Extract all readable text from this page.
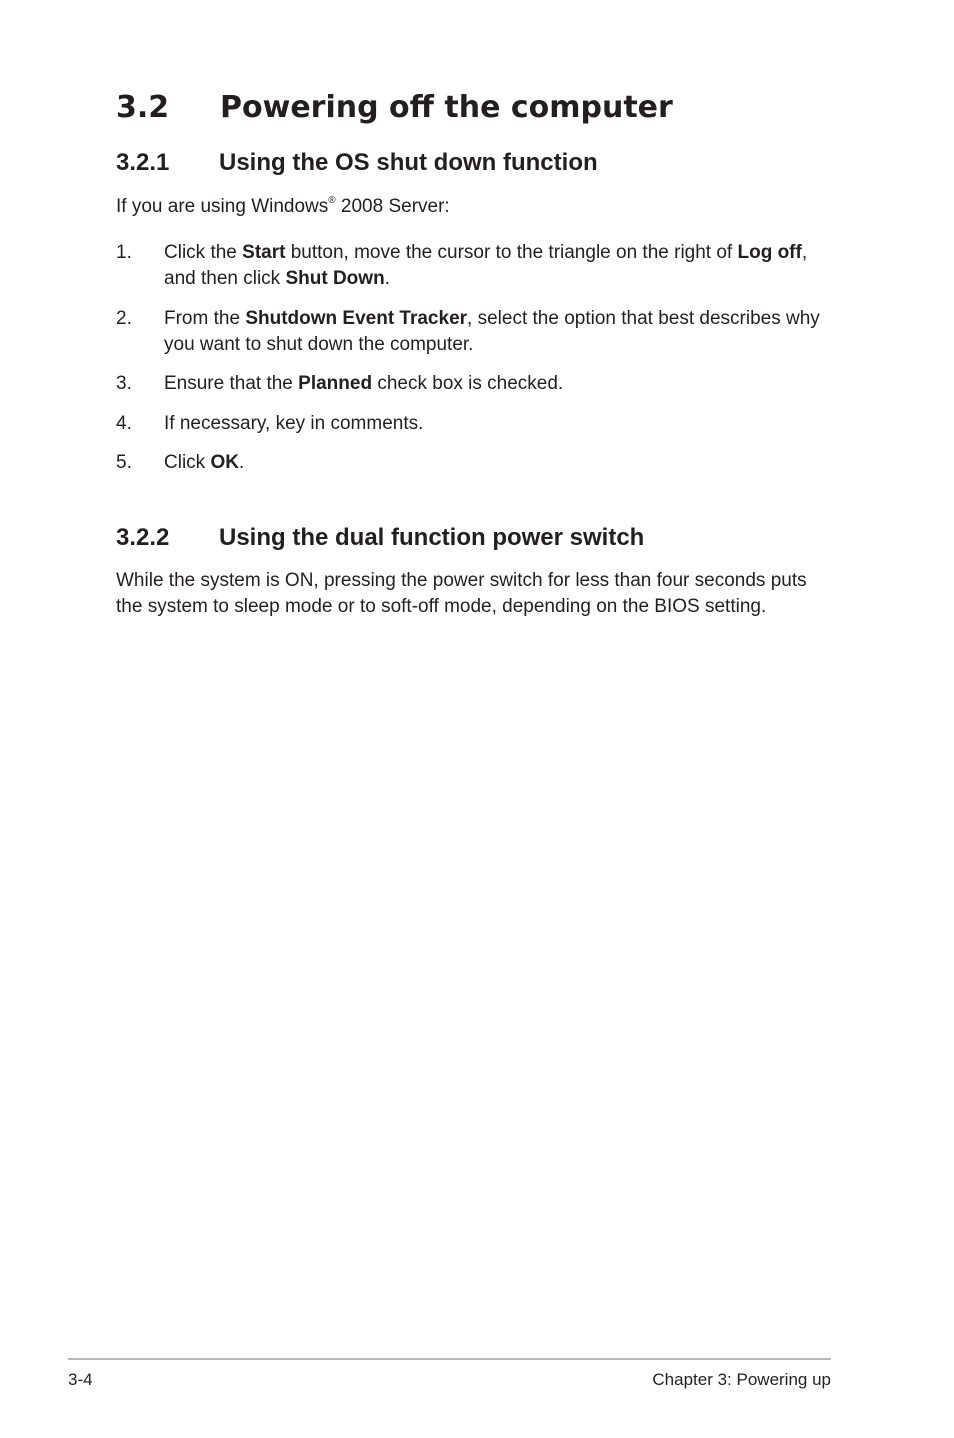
3.2 Powering off the computer
3.2.1 Using the OS shut down function

If you are using Windows® 2008 Server:

1.	Click the Start button, move the cursor to the triangle on the right of Log off, and then click Shut Down.
2.	From the Shutdown Event Tracker, select the option that best describes why you want to shut down the computer.
3.	Ensure that the Planned check box is checked.
4.	If necessary, key in comments.
5.	Click OK.
3.2.2 Using the dual function power switch

While the system is ON, pressing the power switch for less than four seconds puts the system to sleep mode or to soft-off mode, depending on the BIOS setting.

3-4	Chapter 3: Powering up
